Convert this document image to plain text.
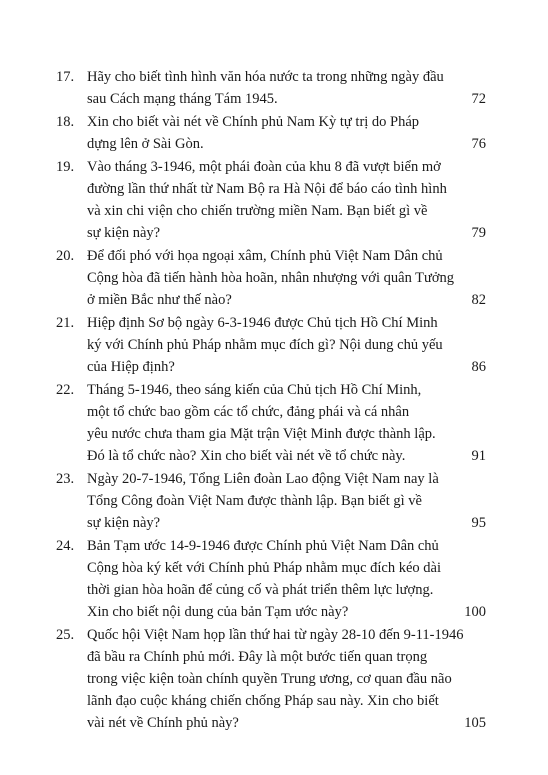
17. Hãy cho biết tình hình văn hóa nước ta trong những ngày đầu
sau Cách mạng tháng Tám 1945.	72
18. Xin cho biết vài nét về Chính phủ Nam Kỳ tự trị do Pháp
dựng lên ở Sài Gòn.	76
19. Vào tháng 3-1946, một phái đoàn của khu 8 đã vượt biển mở
đường lần thứ nhất từ Nam Bộ ra Hà Nội để báo cáo tình hình
và xin chi viện cho chiến trường miền Nam. Bạn biết gì về
sự kiện này?	79
20. Để đối phó với họa ngoại xâm, Chính phủ Việt Nam Dân chủ
Cộng hòa đã tiến hành hòa hoãn, nhân nhượng với quân Tưởng
ở miền Bắc như thế nào?	82
21. Hiệp định Sơ bộ ngày 6-3-1946 được Chủ tịch Hồ Chí Minh
ký với Chính phủ Pháp nhằm mục đích gì? Nội dung chủ yếu
của Hiệp định?	86
22. Tháng 5-1946, theo sáng kiến của Chủ tịch Hồ Chí Minh,
một tổ chức bao gồm các tổ chức, đảng phái và cá nhân
yêu nước chưa tham gia Mặt trận Việt Minh được thành lập.
Đó là tổ chức nào? Xin cho biết vài nét về tổ chức này.	91
23. Ngày 20-7-1946, Tổng Liên đoàn Lao động Việt Nam nay là
Tổng Công đoàn Việt Nam được thành lập. Bạn biết gì về
sự kiện này?	95
24. Bản Tạm ước 14-9-1946 được Chính phủ Việt Nam Dân chủ
Cộng hòa ký kết với Chính phủ Pháp nhằm mục đích kéo dài
thời gian hòa hoãn để củng cố và phát triển thêm lực lượng.
Xin cho biết nội dung của bản Tạm ước này?	100
25. Quốc hội Việt Nam họp lần thứ hai từ ngày 28-10 đến 9-11-1946
đã bầu ra Chính phủ mới. Đây là một bước tiến quan trọng
trong việc kiện toàn chính quyền Trung ương, cơ quan đầu não
lãnh đạo cuộc kháng chiến chống Pháp sau này. Xin cho biết
vài nét về Chính phủ này?	105
